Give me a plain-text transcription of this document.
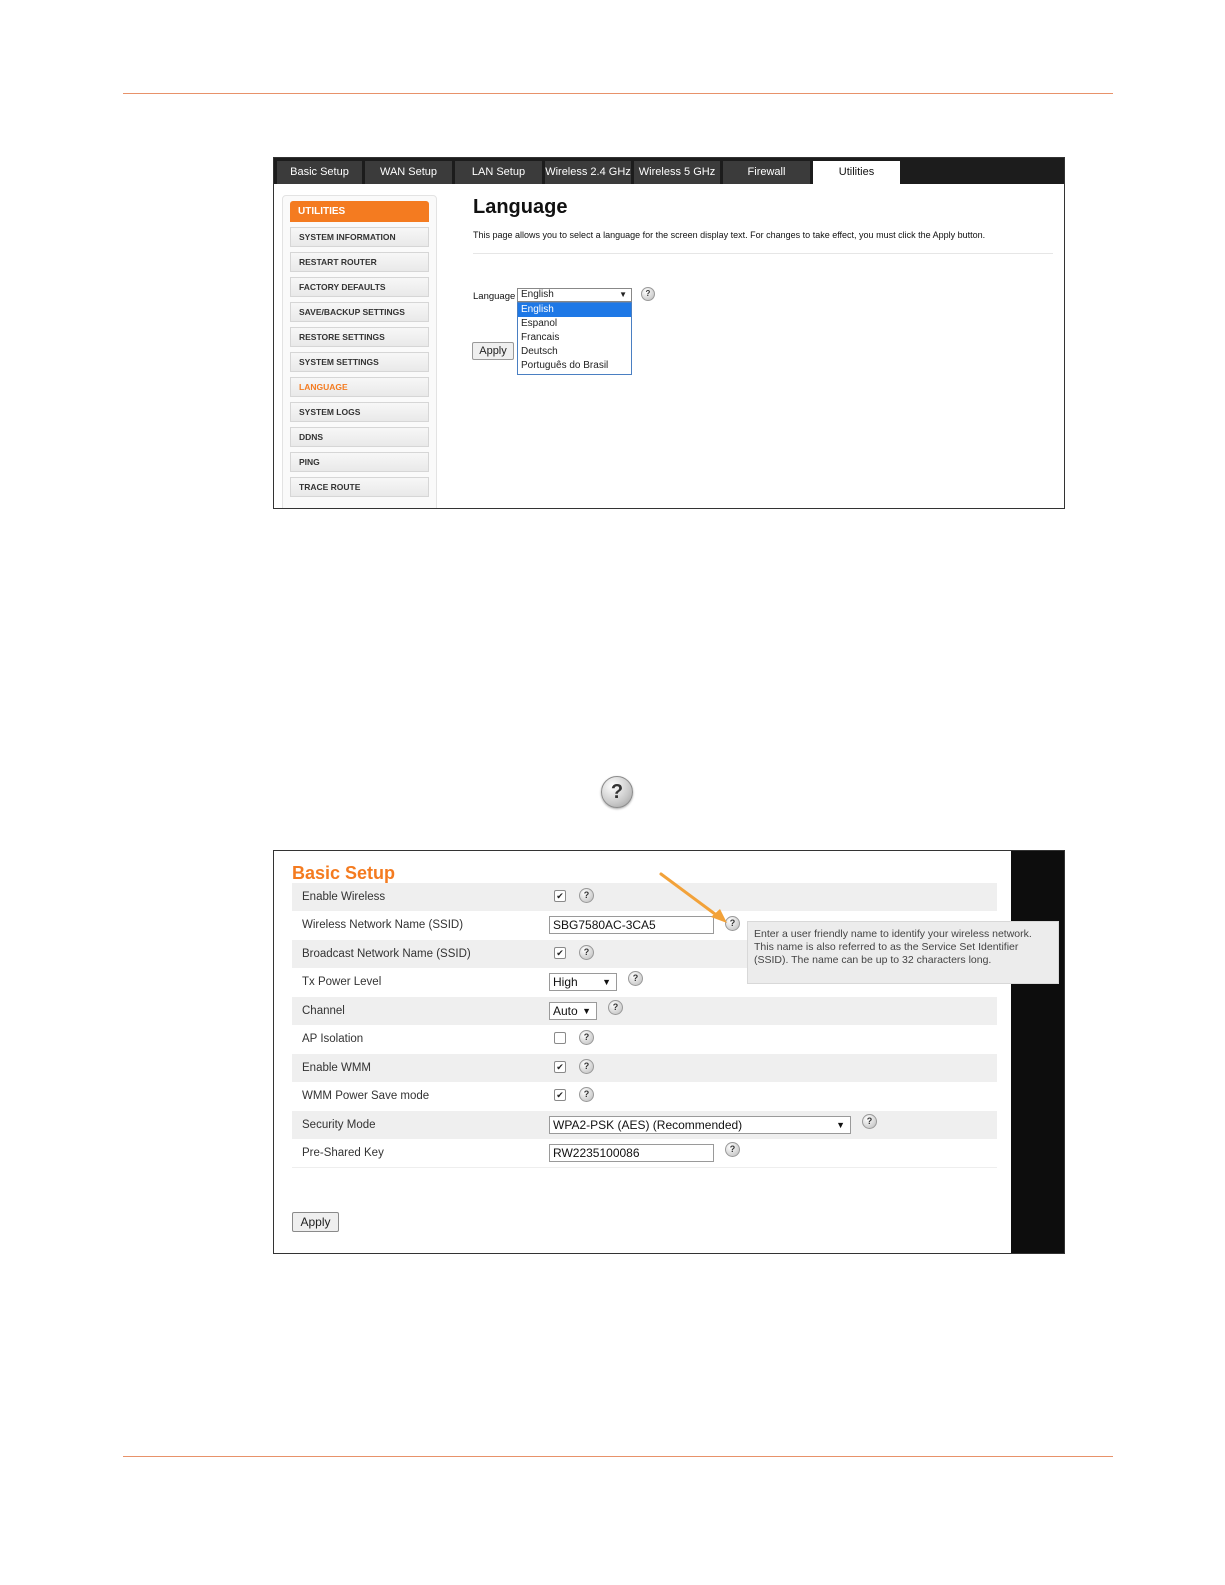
Basic Setup	WAN Setup	LAN Setup	Wireless 2.4 GHz Wireless 5 GHz	Firewall	Utilities
UTILITIES
SYSTEM INFORMATION
RESTART ROUTER
FACTORY DEFAULTS
SAVE/BACKUP SETTINGS
RESTORE SETTINGS
SYSTEM SETTINGS
LANGUAGE
SYSTEM LOGS
DDNS
PING
TRACE ROUTE
Language
This page allows you to select a language for the screen display text. For changes to take effect, you must click the Apply button.
Language English	▼	?
English
Espanol
Francais
Deutsch
Português do Brasil
Apply
?
Basic Setup
Enable Wireless	✔	?
Wireless Network Name (SSID)	SBG7580AC-3CA5	?
Broadcast Network Name (SSID)	✔	?
Tx Power Level	High	▼	?
Channel	Auto ▼	?
AP Isolation	?
Enable WMM	✔	?
WMM Power Save mode	✔	?
Security Mode	WPA2-PSK (AES) (Recommended)	▼	?
Pre-Shared Key	RW2235100086	?
Enter a user friendly name to identify your wireless network. This name is also referred to as the Service Set Identifier (SSID). The name can be up to 32 characters long.
Apply
